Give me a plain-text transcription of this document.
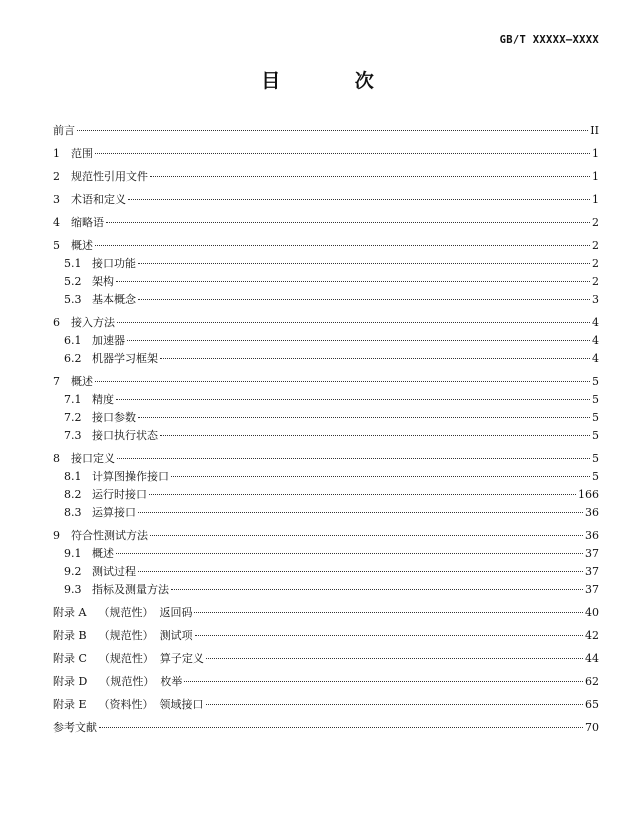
GB/T XXXXX—XXXX
目 次
前言	II
1	范围	1
2	规范性引用文件	1
3	术语和定义	1
4	缩略语	2
5	概述	2
5.1 接口功能	2
5.2 架构	2
5.3 基本概念	3
6	接入方法	4
6.1 加速器	4
6.2 机器学习框架	4
7	概述	5
7.1 精度	5
7.2 接口参数	5
7.3 接口执行状态	5
8	接口定义	5
8.1 计算图操作接口	5
8.2 运行时接口	166
8.3 运算接口	36
9	符合性测试方法	36
9.1 概述	37
9.2 测试过程	37
9.3 指标及测量方法	37
附录 A （规范性） 返回码	40
附录 B （规范性） 测试项	42
附录 C （规范性） 算子定义	44
附录 D （规范性） 枚举	62
附录 E （资料性） 领域接口	65
参考文献	70
